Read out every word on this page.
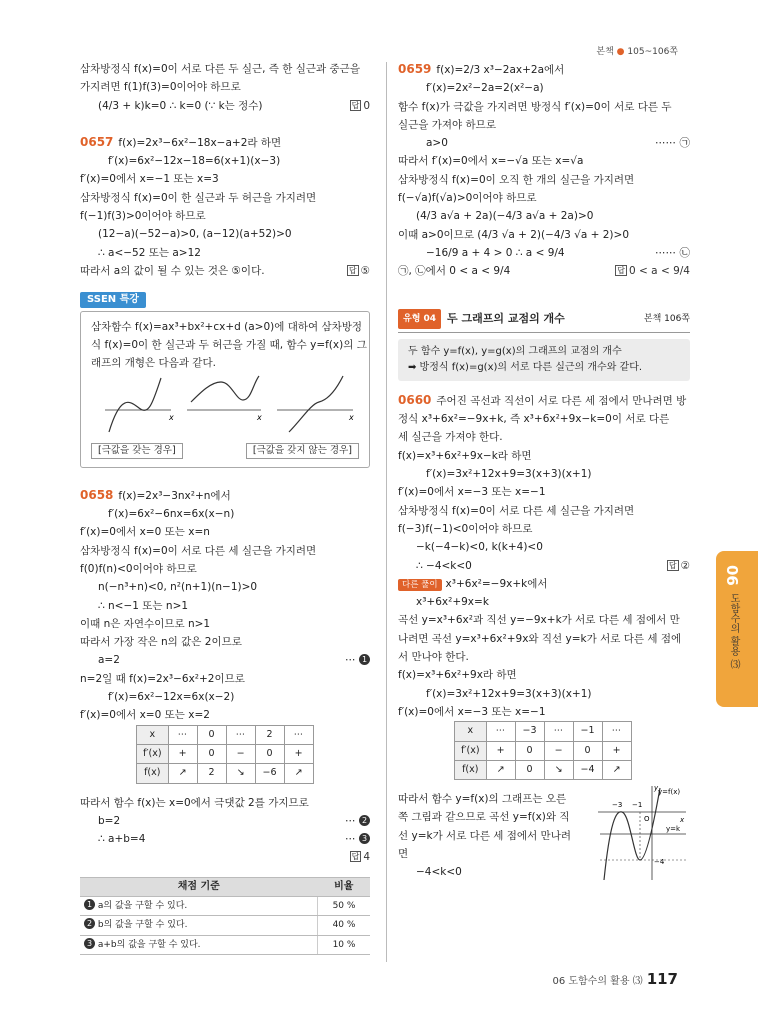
본책 ● 105~106쪽
삼차방정식 f(x)=0이 서로 다른 두 실근, 즉 한 실근과 중근을
가지려면 f(1)f(3)=0이어야 하므로
(4/3 + k)k=0 ∴ k=0 (∵ k는 정수)	답 0
0657 f(x)=2x³−6x²−18x−a+2라 하면
f′(x)=6x²−12x−18=6(x+1)(x−3)
f′(x)=0에서 x=−1 또는 x=3
삼차방정식 f(x)=0이 한 실근과 두 허근을 가지려면
f(−1)f(3)>0이어야 하므로
(12−a)(−52−a)>0, (a−12)(a+52)>0
∴ a<−52 또는 a>12
따라서 a의 값이 될 수 있는 것은 ⑤이다.	답 ⑤
SSEN 특강
삼차함수 f(x)=ax³+bx²+cx+d (a>0)에 대하여 삼차방정
식 f(x)=0이 한 실근과 두 허근을 가질 때, 함수 y=f(x)의 그
래프의 개형은 다음과 같다.
x	x	x
[극값을 갖는 경우]	[극값을 갖지 않는 경우]
0658 f(x)=2x³−3nx²+n에서
f′(x)=6x²−6nx=6x(x−n)
f′(x)=0에서 x=0 또는 x=n
삼차방정식 f(x)=0이 서로 다른 세 실근을 가지려면
f(0)f(n)<0이어야 하므로
n(−n³+n)<0, n²(n+1)(n−1)>0
∴ n<−1 또는 n>1
이때 n은 자연수이므로 n>1
따라서 가장 작은 n의 값은 2이므로
a=2	⋯ 1
n=2일 때 f(x)=2x³−6x²+2이므로
f′(x)=6x²−12x=6x(x−2)
f′(x)=0에서 x=0 또는 x=2
x	⋯	0	⋯	2	⋯
f′(x)	+	0	−	0	+
f(x)	↗	2	↘	−6	↗
따라서 함수 f(x)는 x=0에서 극댓값 2를 가지므로
b=2	⋯ 2
∴ a+b=4	⋯ 3

답 4
채점 기준	비율
1 a의 값을 구할 수 있다.	50 %
2 b의 값을 구할 수 있다.	40 %
3 a+b의 값을 구할 수 있다.	10 %
0659 f(x)=2/3 x³−2ax+2a에서
f′(x)=2x²−2a=2(x²−a)
함수 f(x)가 극값을 가지려면 방정식 f′(x)=0이 서로 다른 두
실근을 가져야 하므로
a>0	⋯⋯ ㉠
따라서 f′(x)=0에서 x=−√a 또는 x=√a
삼차방정식 f(x)=0이 오직 한 개의 실근을 가지려면
f(−√a)f(√a)>0이어야 하므로
(4/3 a√a + 2a)(−4/3 a√a + 2a)>0
이때 a>0이므로 (4/3 √a + 2)(−4/3 √a + 2)>0
−16/9 a + 4 > 0 ∴ a < 9/4	⋯⋯ ㉡
㉠, ㉡에서 0 < a < 9/4	답 0 < a < 9/4
유형 04	두 그래프의 교점의 개수	본책 106쪽
두 함수 y=f(x), y=g(x)의 그래프의 교점의 개수
➡ 방정식 f(x)=g(x)의 서로 다른 실근의 개수와 같다.
0660 주어진 곡선과 직선이 서로 다른 세 점에서 만나려면 방
정식 x³+6x²=−9x+k, 즉 x³+6x²+9x−k=0이 서로 다른
세 실근을 가져야 한다.
f(x)=x³+6x²+9x−k라 하면
f′(x)=3x²+12x+9=3(x+3)(x+1)
f′(x)=0에서 x=−3 또는 x=−1
삼차방정식 f(x)=0이 서로 다른 세 실근을 가지려면
f(−3)f(−1)<0이어야 하므로
−k(−4−k)<0, k(k+4)<0
∴ −4<k<0	답 ②
다른 풀이 x³+6x²=−9x+k에서
x³+6x²+9x=k
곡선 y=x³+6x²과 직선 y=−9x+k가 서로 다른 세 점에서 만
나려면 곡선 y=x³+6x²+9x와 직선 y=k가 서로 다른 세 점에
서 만나야 한다.
f(x)=x³+6x²+9x라 하면
f′(x)=3x²+12x+9=3(x+3)(x+1)
f′(x)=0에서 x=−3 또는 x=−1
x	⋯	−3	⋯	−1	⋯
f′(x)	+	0	−	0	+
f(x)	↗	0	↘	−4	↗
따라서 함수 y=f(x)의 그래프는 오른
쪽 그림과 같으므로 곡선 y=f(x)와 직
선 y=k가 서로 다른 세 점에서 만나려
면
−4<k<0
y
x
y=f(x)
y=k
−3 −1
O
−4
06
도함수의 활용 ⑶
06 도함수의 활용 ⑶ 117
